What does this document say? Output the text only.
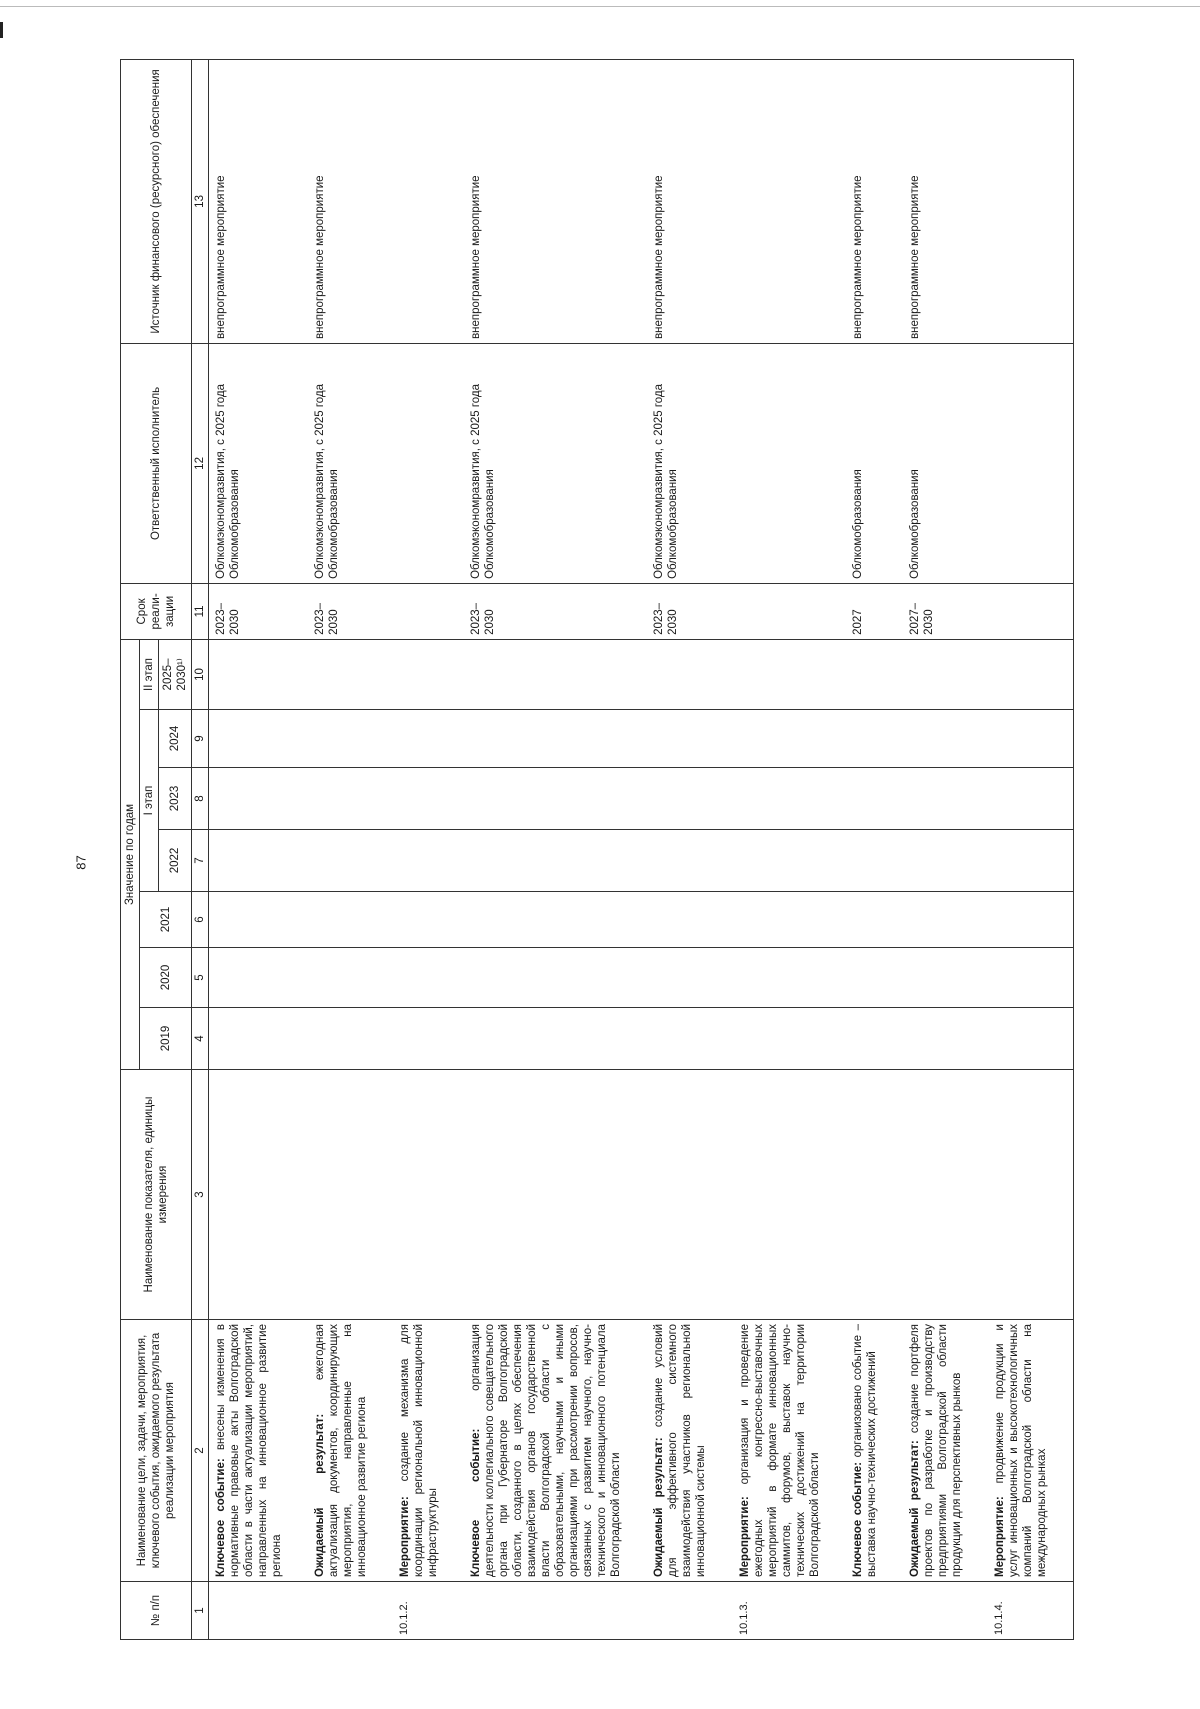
87
№ п/п	Наименование цели, задачи, мероприятия, ключевого события, ожидаемого результата реализации мероприятия	Наименование показателя, единицы измерения	Значение по годам							Срок реали-зации	Ответственный исполнитель	Источник финансового (ресурсного) обеспечения
			2019	2020	2021	I этап			II этап			
						2022	2023	2024	2025–2030¹⁾			
1	2	3	4	5	6	7	8	9	10	11	12	13

	Ключевое событие: внесены изменения в нормативные правовые акты Волгоградской области в части актуализации мероприятий, направленных на инновационное развитие региона									2023–2030	Облкомэкономразвития, с 2025 года Облкомобразования	внепрограммное мероприятие

	Ожидаемый результат: ежегодная актуализация документов, координирующих мероприятия, направленные на инновационное развитие региона									2023–2030	Облкомэкономразвития, с 2025 года Облкомобразования	внепрограммное мероприятие

10.1.2.	Мероприятие: создание механизма для координации региональной инновационной инфраструктуры											

	Ключевое событие: организация деятельности коллегиального совещательного органа при Губернаторе Волгоградской области, созданного в целях обеспечения взаимодействия органов государственной власти Волгоградской области с образовательными, научными и иными организациями при рассмотрении вопросов, связанных с развитием научного, научно-технического и инновационного потенциала Волгоградской области									2023–2030	Облкомэкономразвития, с 2025 года Облкомобразования	внепрограммное мероприятие

	Ожидаемый результат: создание условий для эффективного системного взаимодействия участников региональной инновационной системы									2023–2030	Облкомэкономразвития, с 2025 года Облкомобразования	внепрограммное мероприятие

10.1.3.	Мероприятие: организация и проведение ежегодных конгрессно-выставочных мероприятий в формате инновационных саммитов, форумов, выставок научно-технических достижений на территории Волгоградской области											

	Ключевое событие: организовано событие – выставка научно-технических достижений									2027	Облкомобразования	внепрограммное мероприятие

	Ожидаемый результат: создание портфеля проектов по разработке и производству предприятиями Волгоградской области продукции для перспективных рынков									2027–2030	Облкомобразования	внепрограммное мероприятие

10.1.4.	Мероприятие: продвижение продукции и услуг инновационных и высокотехнологичных компаний Волгоградской области на международных рынках											
